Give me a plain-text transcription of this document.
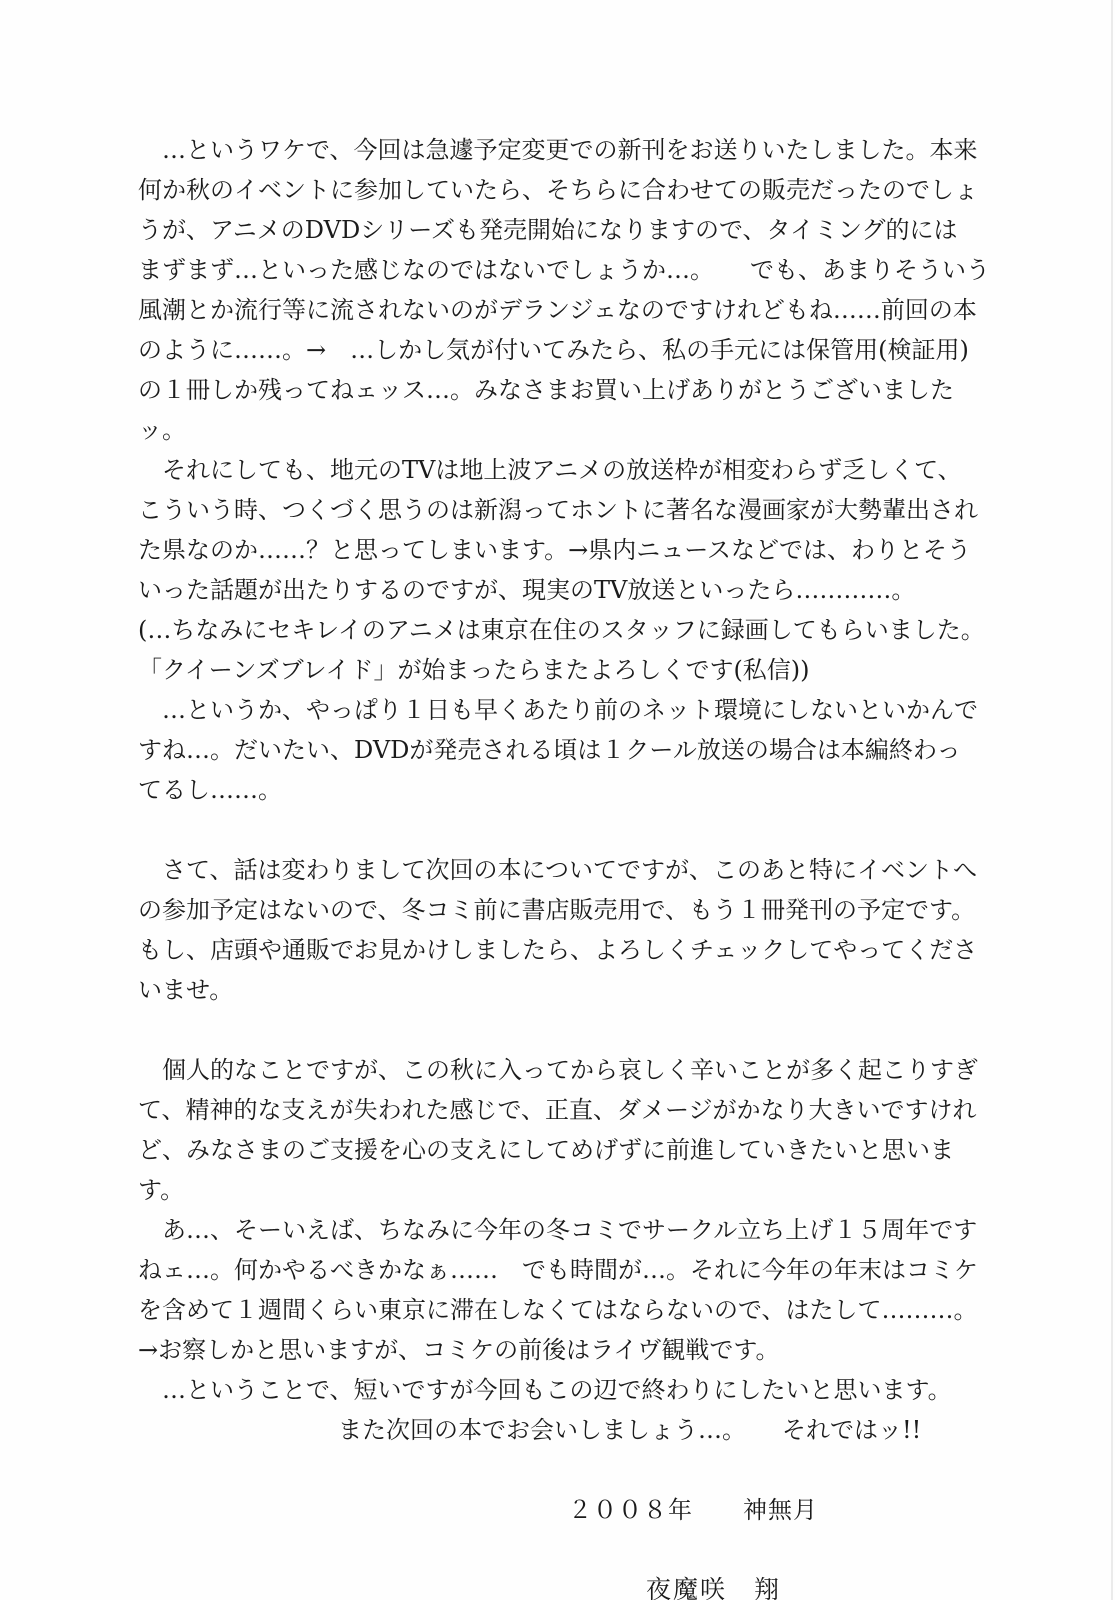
　…というワケで、今回は急遽予定変更での新刊をお送りいたしました。本来
何か秋のイベントに参加していたら、そちらに合わせての販売だったのでしょ
うが、アニメのDVDシリーズも発売開始になりますので、タイミング的には
まずまず…といった感じなのではないでしょうか…。　　でも、あまりそういう
風潮とか流行等に流されないのがデランジェなのですけれどもね……前回の本
のように……。→　…しかし気が付いてみたら、私の手元には保管用(検証用)
の１冊しか残ってねェッス…。みなさまお買い上げありがとうございましたッ。
　それにしても、地元のTVは地上波アニメの放送枠が相変わらず乏しくて、
こういう時、つくづく思うのは新潟ってホントに著名な漫画家が大勢輩出され
た県なのか……？と思ってしまいます。→県内ニュースなどでは、わりとそう
いった話題が出たりするのですが、現実のTV放送といったら…………。
(…ちなみにセキレイのアニメは東京在住のスタッフに録画してもらいました。
「クイーンズブレイド」が始まったらまたよろしくです(私信))
　…というか、やっぱり１日も早くあたり前のネット環境にしないといかんで
すね…。だいたい、DVDが発売される頃は１クール放送の場合は本編終わっ
てるし……。
　さて、話は変わりまして次回の本についてですが、このあと特にイベントへ
の参加予定はないので、冬コミ前に書店販売用で、もう１冊発刊の予定です。
もし、店頭や通販でお見かけしましたら、よろしくチェックしてやってくださ
いませ。
　個人的なことですが、この秋に入ってから哀しく辛いことが多く起こりすぎ
て、精神的な支えが失われた感じで、正直、ダメージがかなり大きいですけれ
ど、みなさまのご支援を心の支えにしてめげずに前進していきたいと思います。
　あ…、そーいえば、ちなみに今年の冬コミでサークル立ち上げ１５周年です
ねェ…。何かやるべきかなぁ……　でも時間が…。それに今年の年末はコミケ
を含めて１週間くらい東京に滞在しなくてはならないので、はたして………。
→お察しかと思いますが、コミケの前後はライヴ観戦です。
　…ということで、短いですが今回もこの辺で終わりにしたいと思います。
また次回の本でお会いしましょう…。　　それではッ!!
２００８年　　神無月
夜魔咲　翔
